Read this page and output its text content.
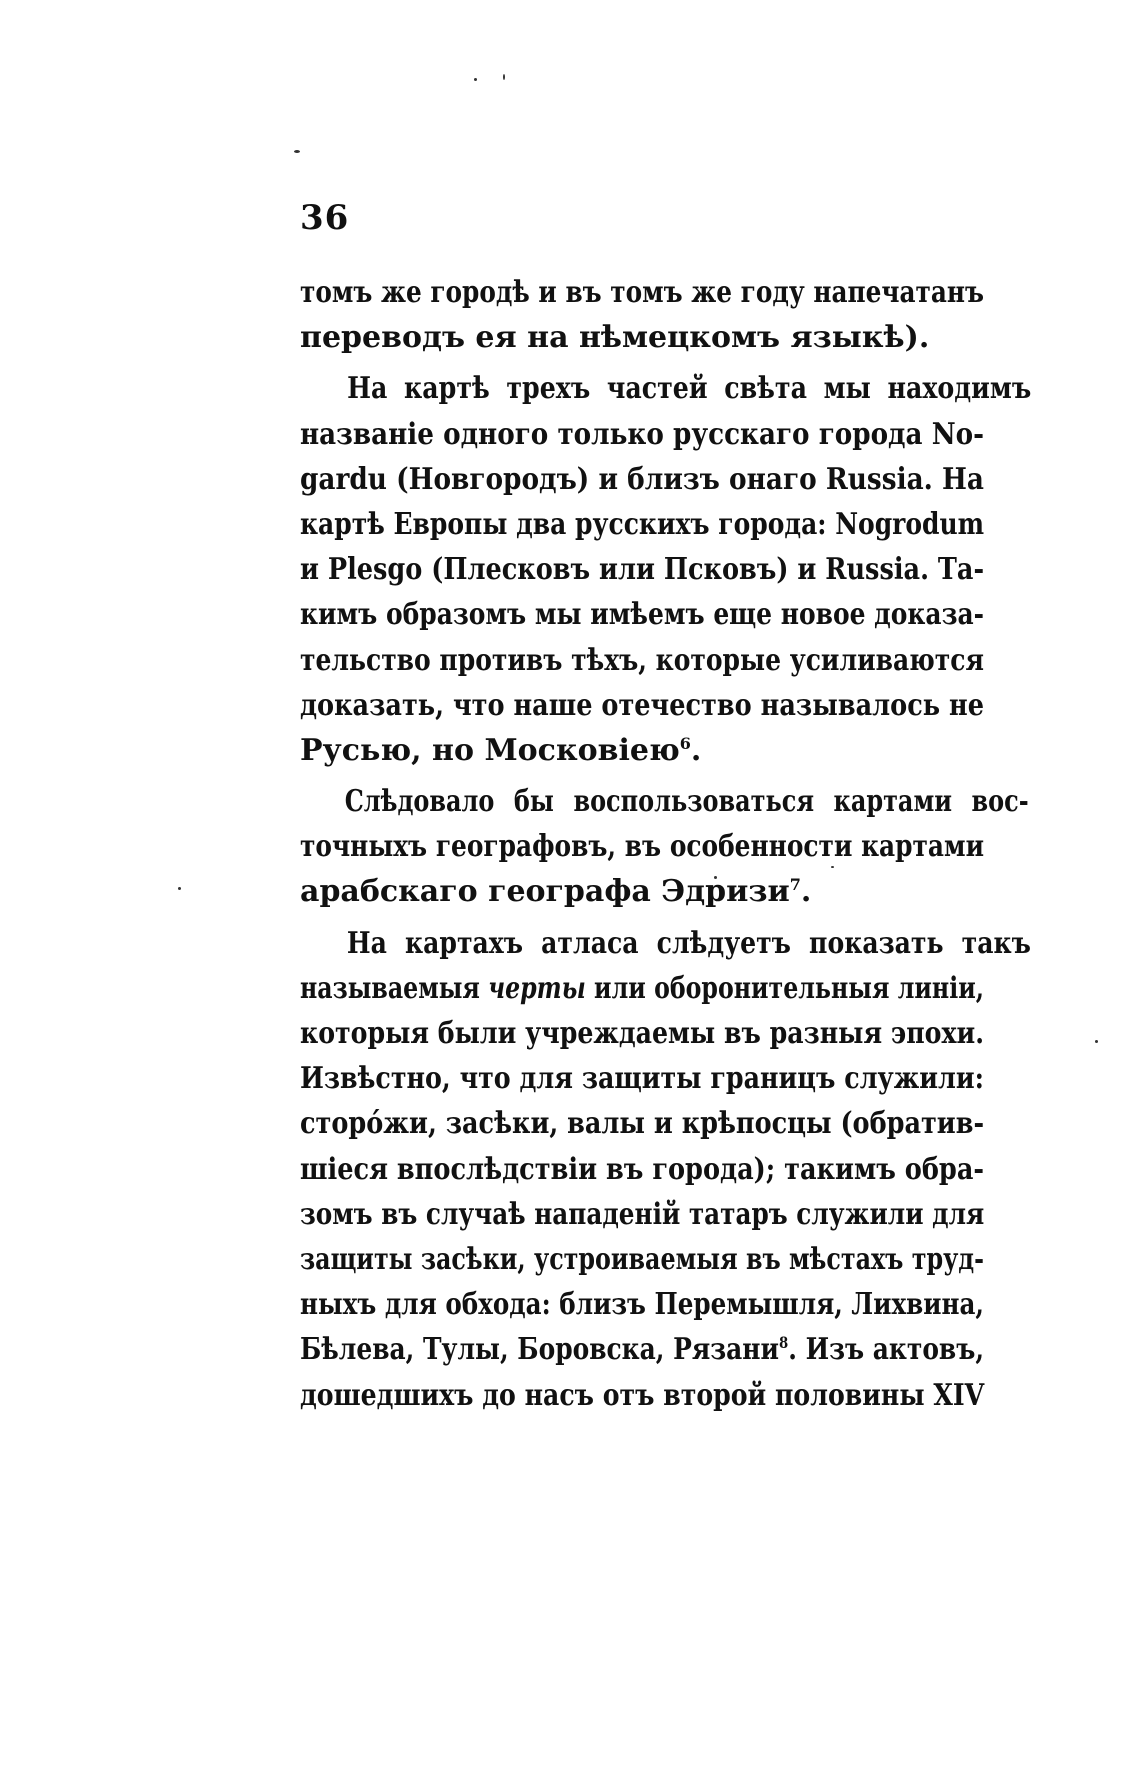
36
томъ же городѣ и въ томъ же году напечатанъ
переводъ ея на нѣмецкомъ языкѣ).
На картѣ трехъ частей свѣта мы находимъ
названіе одного только русскаго города No-
gardu (Новгородъ) и близъ онаго Russia. На
картѣ Европы два русскихъ города: Nogrodum
и Plesgo (Плесковъ или Псковъ) и Russia. Та-
кимъ образомъ мы имѣемъ еще новое доказа-
тельство противъ тѣхъ, которые усиливаются
доказать, что наше отечество называлось не
Русью, но Московіею$^6$.
Слѣдовало бы воспользоваться картами вос-
точныхъ географовъ, въ особенности картами
арабскаго географа Эдризи$^7$.
На картахъ атласа слѣдуетъ показать такъ
называемыя черты или оборонительныя линіи,
которыя были учреждаемы въ разныя эпохи.
Извѣстно, что для защиты границъ служили:
сторóжи, засѣки, валы и крѣпосцы (обратив-
шіеся впослѣдствіи въ города); такимъ обра-
зомъ въ случаѣ нападеній татаръ служили для
защиты засѣки, устроиваемыя въ мѣстахъ труд-
ныхъ для обхода: близъ Перемышля, Лихвина,
Бѣлева, Тулы, Боровска, Рязани$^8$. Изъ актовъ,
дошедшихъ до насъ отъ второй половины XIV
